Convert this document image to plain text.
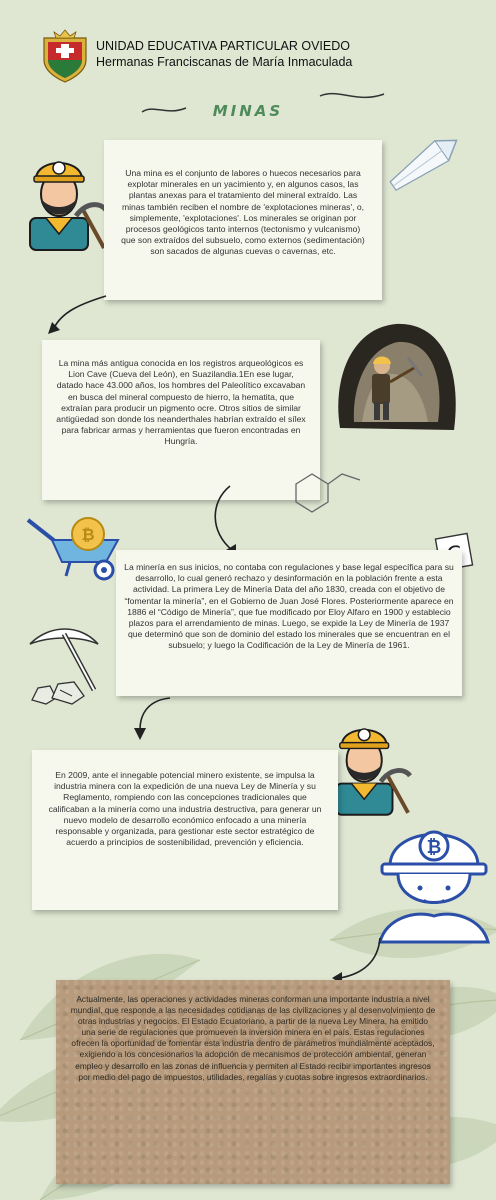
UNIDAD EDUCATIVA PARTICULAR OVIEDO
Hermanas Franciscanas de María Inmaculada
MINAS

Una mina es el conjunto de labores o huecos necesarios para explotar minerales en un yacimiento y, en algunos casos, las plantas anexas para el tratamiento del mineral extraído. Las minas también reciben el nombre de 'explotaciones mineras', o, simplemente, 'explotaciones'. Los minerales se originan por procesos geológicos tanto internos (tectonismo y vulcanismo) que son extraídos del subsuelo, como externos (sedimentación) son sacados de algunas cuevas o cavernas, etc.

La mina más antigua conocida en los registros arqueológicos es Lion Cave (Cueva del León), en Suazilandia.1En ese lugar, datado hace 43.000 años, los hombres del Paleolítico excavaban en busca del mineral compuesto de hierro, la hematita, que extraían para producir un pigmento ocre. Otros sitios de similar antigüedad son donde los neanderthales habrían extraído el sílex para fabricar armas y herramientas que fueron encontradas en Hungría.

₿

La minería en sus inicios, no contaba con regulaciones y base legal específica para su desarrollo, lo cual generó rechazo y desinformación en la población frente a esta actividad. La primera Ley de Minería Data del año 1830, creada con el objetivo de “fomentar la minería”, en el Gobierno de Juan José Flores. Posteriormente aparece en 1886 el “Código de Minería”, que fue modificado por Eloy Alfaro en 1900 y establecio plazos para el arrendamiento de minas. Luego, se expide la Ley de Minería de 1937 que determinó que son de dominio del estado los minerales que se encuentran en el subsuelo; y luego la Codificación de la Ley de Minería de 1961.

En 2009, ante el innegable potencial minero existente, se impulsa la industria minera con la expedición de una nueva Ley de Minería y su Reglamento, rompiendo con las concepciones tradicionales que calificaban a la minería como una industria destructiva, para generar un nuevo modelo de desarrollo económico enfocado a una minería responsable y organizada, para gestionar este sector estratégico de acuerdo a principios de sostenibilidad, prevención y eficiencia.	₿

Actualmente, las operaciones y actividades mineras conforman una importante industria a nivel mundial, que responde a las necesidades cotidianas de las civilizaciones y al desenvolvimiento de otras industrias y negocios. El Estado Ecuatoriano, a partir de la nueva Ley Minera, ha emitido una serie de regulaciones que promueven la inversión minera en el país. Estas regulaciones ofrecen la oportunidad de fomentar esta industria dentro de parámetros mundialmente aceptados, exigiendo a los concesionarios la adopción de mecanismos de protección ambiental, generan empleo y desarrollo en las zonas de influencia y permiten al Estado recibir importantes ingresos por medio del pago de impuestos, utilidades, regalías y cuotas sobre ingresos extraordinarios.
